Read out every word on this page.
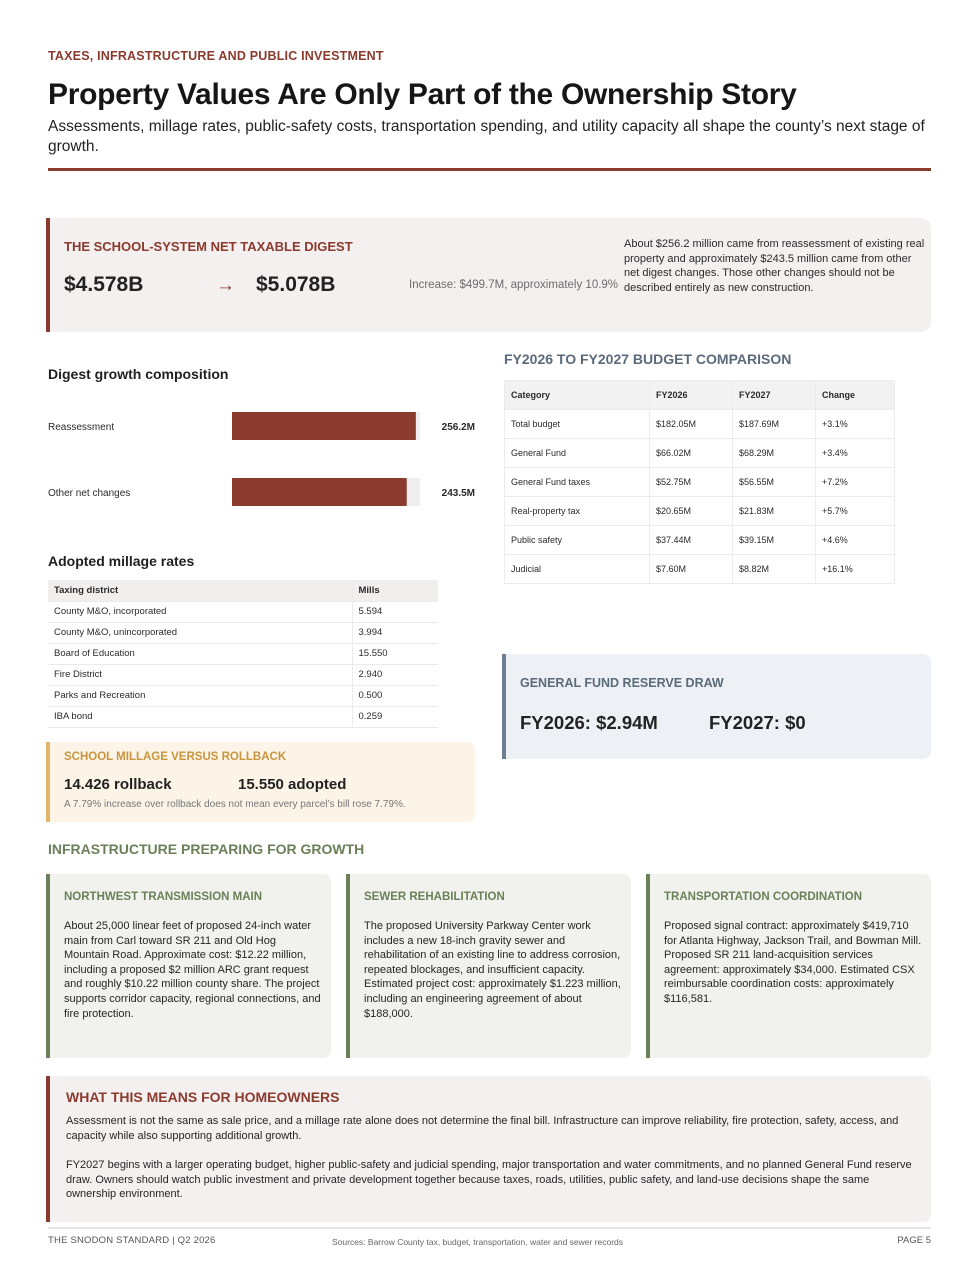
TAXES, INFRASTRUCTURE AND PUBLIC INVESTMENT
Property Values Are Only Part of the Ownership Story

Assessments, millage rates, public-safety costs, transportation spending, and utility capacity all shape the county’s next stage of growth.

THE SCHOOL-SYSTEM NET TAXABLE DIGEST
$4.578B	→ $5.078B	Increase: $499.7M, approximately 10.9%
About $256.2 million came from reassessment of existing real property and approximately $243.5 million came from other net digest changes. Those other changes should not be described entirely as new construction.
Digest growth composition
Reassessment	256.2M
Other net changes	243.5M
Adopted millage rates
Taxing district	Mills
County M&O, incorporated	5.594
County M&O, unincorporated	3.994
Board of Education	15.550
Fire District	2.940
Parks and Recreation	0.500
IBA bond	0.259
SCHOOL MILLAGE VERSUS ROLLBACK
14.426 rollback	15.550 adopted
A 7.79% increase over rollback does not mean every parcel’s bill rose 7.79%.
FY2026 TO FY2027 BUDGET COMPARISON
Category	FY2026	FY2027	Change
Total budget	$182.05M	$187.69M	+3.1%
General Fund	$66.02M	$68.29M	+3.4%
General Fund taxes	$52.75M	$56.55M	+7.2%
Real-property tax	$20.65M	$21.83M	+5.7%
Public safety	$37.44M	$39.15M	+4.6%
Judicial	$7.60M	$8.82M	+16.1%
GENERAL FUND RESERVE DRAW
FY2026: $2.94M	FY2027: $0
INFRASTRUCTURE PREPARING FOR GROWTH
NORTHWEST TRANSMISSION MAIN
About 25,000 linear feet of proposed 24-inch water main from Carl toward SR 211 and Old Hog Mountain Road. Approximate cost: $12.22 million, including a proposed $2 million ARC grant request and roughly $10.22 million county share. The project supports corridor capacity, regional connections, and fire protection.
SEWER REHABILITATION
The proposed University Parkway Center work includes a new 18-inch gravity sewer and rehabilitation of an existing line to address corrosion, repeated blockages, and insufficient capacity. Estimated project cost: approximately $1.223 million, including an engineering agreement of about $188,000.
TRANSPORTATION COORDINATION
Proposed signal contract: approximately $419,710 for Atlanta Highway, Jackson Trail, and Bowman Mill. Proposed SR 211 land-acquisition services agreement: approximately $34,000. Estimated CSX reimbursable coordination costs: approximately $116,581.
WHAT THIS MEANS FOR HOMEOWNERS

Assessment is not the same as sale price, and a millage rate alone does not determine the final bill. Infrastructure can improve reliability, fire protection, safety, access, and capacity while also supporting additional growth.

FY2027 begins with a larger operating budget, higher public-safety and judicial spending, major transportation and water commitments, and no planned General Fund reserve draw. Owners should watch public investment and private development together because taxes, roads, utilities, public safety, and land-use decisions shape the same ownership environment.

THE SNODON STANDARD | Q2 2026	Sources: Barrow County tax, budget, transportation, water and sewer records	PAGE 5
